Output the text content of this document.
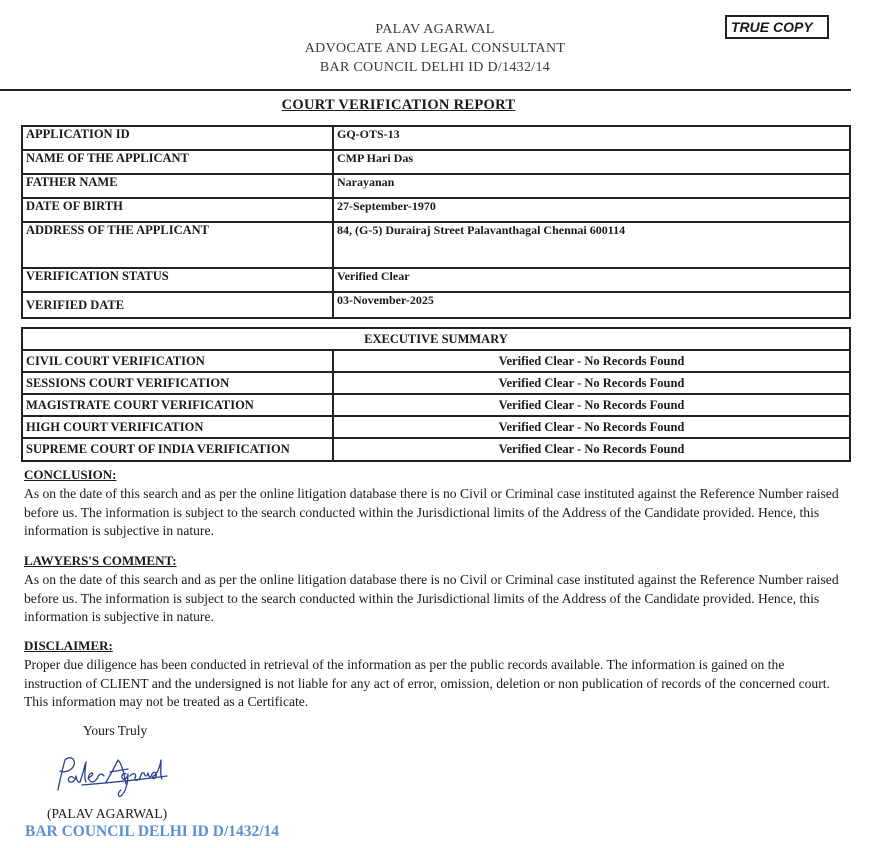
PALAV AGARWAL
ADVOCATE AND LEGAL CONSULTANT
BAR COUNCIL DELHI ID D/1432/14
TRUE COPY
COURT VERIFICATION REPORT
APPLICATION ID	GQ-OTS-13
NAME OF THE APPLICANT	CMP Hari Das
FATHER NAME	Narayanan
DATE OF BIRTH	27-September-1970
ADDRESS OF THE APPLICANT	84, (G-5) Durairaj Street Palavanthagal Chennai 600114
VERIFICATION STATUS	Verified Clear
VERIFIED DATE	03-November-2025
EXECUTIVE SUMMARY	
CIVIL COURT VERIFICATION	Verified Clear - No Records Found
SESSIONS COURT VERIFICATION	Verified Clear - No Records Found
MAGISTRATE COURT VERIFICATION	Verified Clear - No Records Found
HIGH COURT VERIFICATION	Verified Clear - No Records Found
SUPREME COURT OF INDIA VERIFICATION	Verified Clear - No Records Found
CONCLUSION:
As on the date of this search and as per the online litigation database there is no Civil or Criminal case instituted against the Reference Number raised before us. The information is subject to the search conducted within the Jurisdictional limits of the Address of the Candidate provided. Hence, this information is subjective in nature.
LAWYERS'S COMMENT:
As on the date of this search and as per the online litigation database there is no Civil or Criminal case instituted against the Reference Number raised before us. The information is subject to the search conducted within the Jurisdictional limits of the Address of the Candidate provided. Hence, this information is subjective in nature.
DISCLAIMER:
Proper due diligence has been conducted in retrieval of the information as per the public records available. The information is gained on the instruction of CLIENT and the undersigned is not liable for any act of error, omission, deletion or non publication of records of the concerned court. This information may not be treated as a Certificate.
Yours Truly
(PALAV AGARWAL)
BAR COUNCIL DELHI ID D/1432/14
